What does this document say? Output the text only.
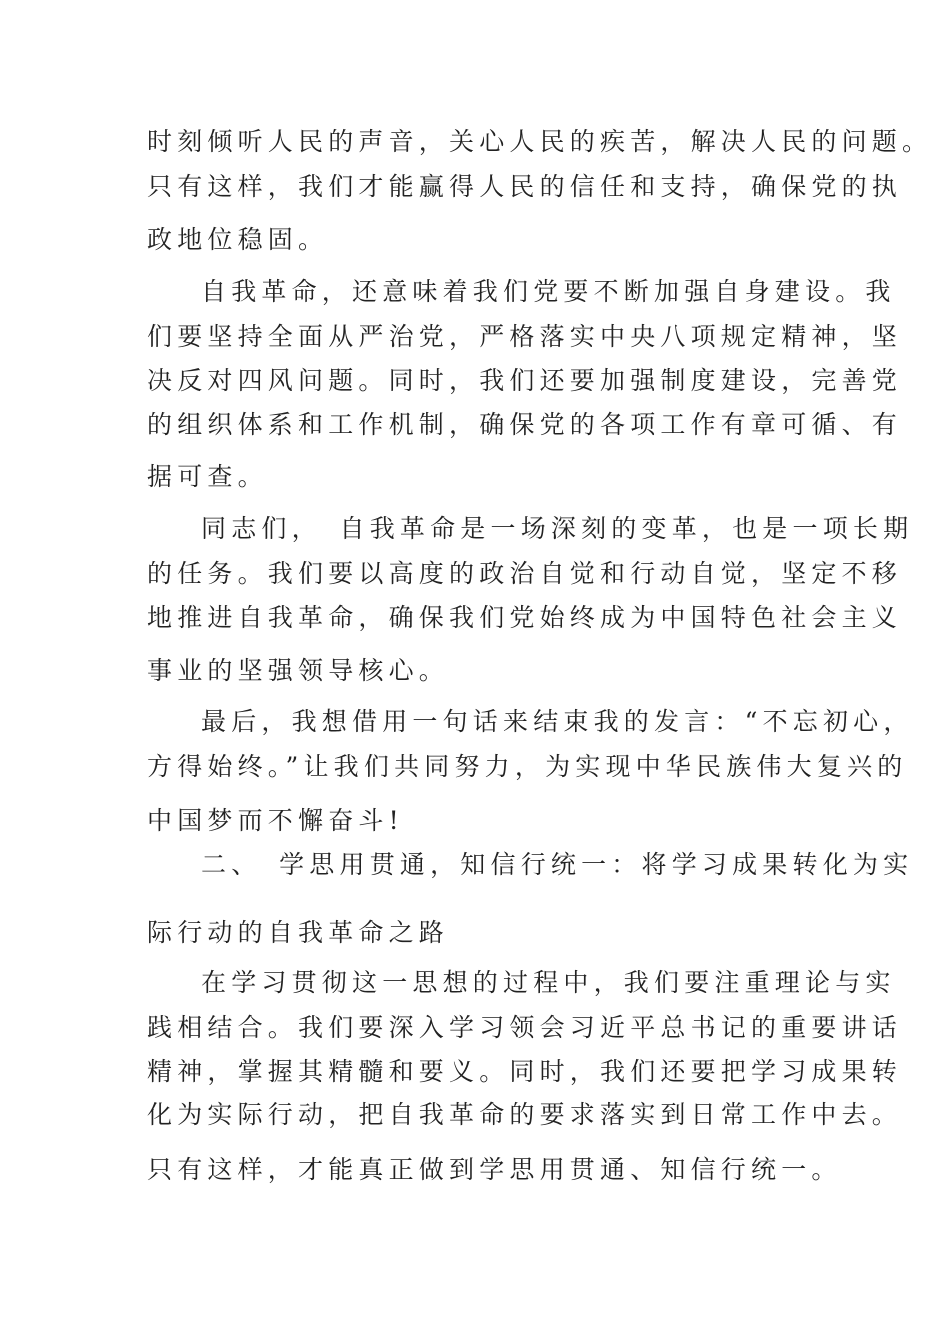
时刻倾听人民的声音，关心人民的疾苦，解决人民的问题。
只有这样，我们才能赢得人民的信任和支持，确保党的执
政地位稳固。
自我革命，还意味着我们党要不断加强自身建设。我
们要坚持全面从严治党，严格落实中央八项规定精神，坚
决反对四风问题。同时，我们还要加强制度建设，完善党
的组织体系和工作机制，确保党的各项工作有章可循、有
据可查。
同志们，　自我革命是一场深刻的变革，也是一项长期
的任务。我们要以高度的政治自觉和行动自觉，坚定不移
地推进自我革命，确保我们党始终成为中国特色社会主义
事业的坚强领导核心。
最后，我想借用一句话来结束我的发言：“不忘初心，
方得始终。”让我们共同努力，为实现中华民族伟大复兴的
中国梦而不懈奋斗!
二、　学思用贯通，知信行统一：将学习成果转化为实
际行动的自我革命之路
在学习贯彻这一思想的过程中，我们要注重理论与实
践相结合。我们要深入学习领会习近平总书记的重要讲话
精神，掌握其精髓和要义。同时，我们还要把学习成果转
化为实际行动，把自我革命的要求落实到日常工作中去。
只有这样，才能真正做到学思用贯通、知信行统一。
